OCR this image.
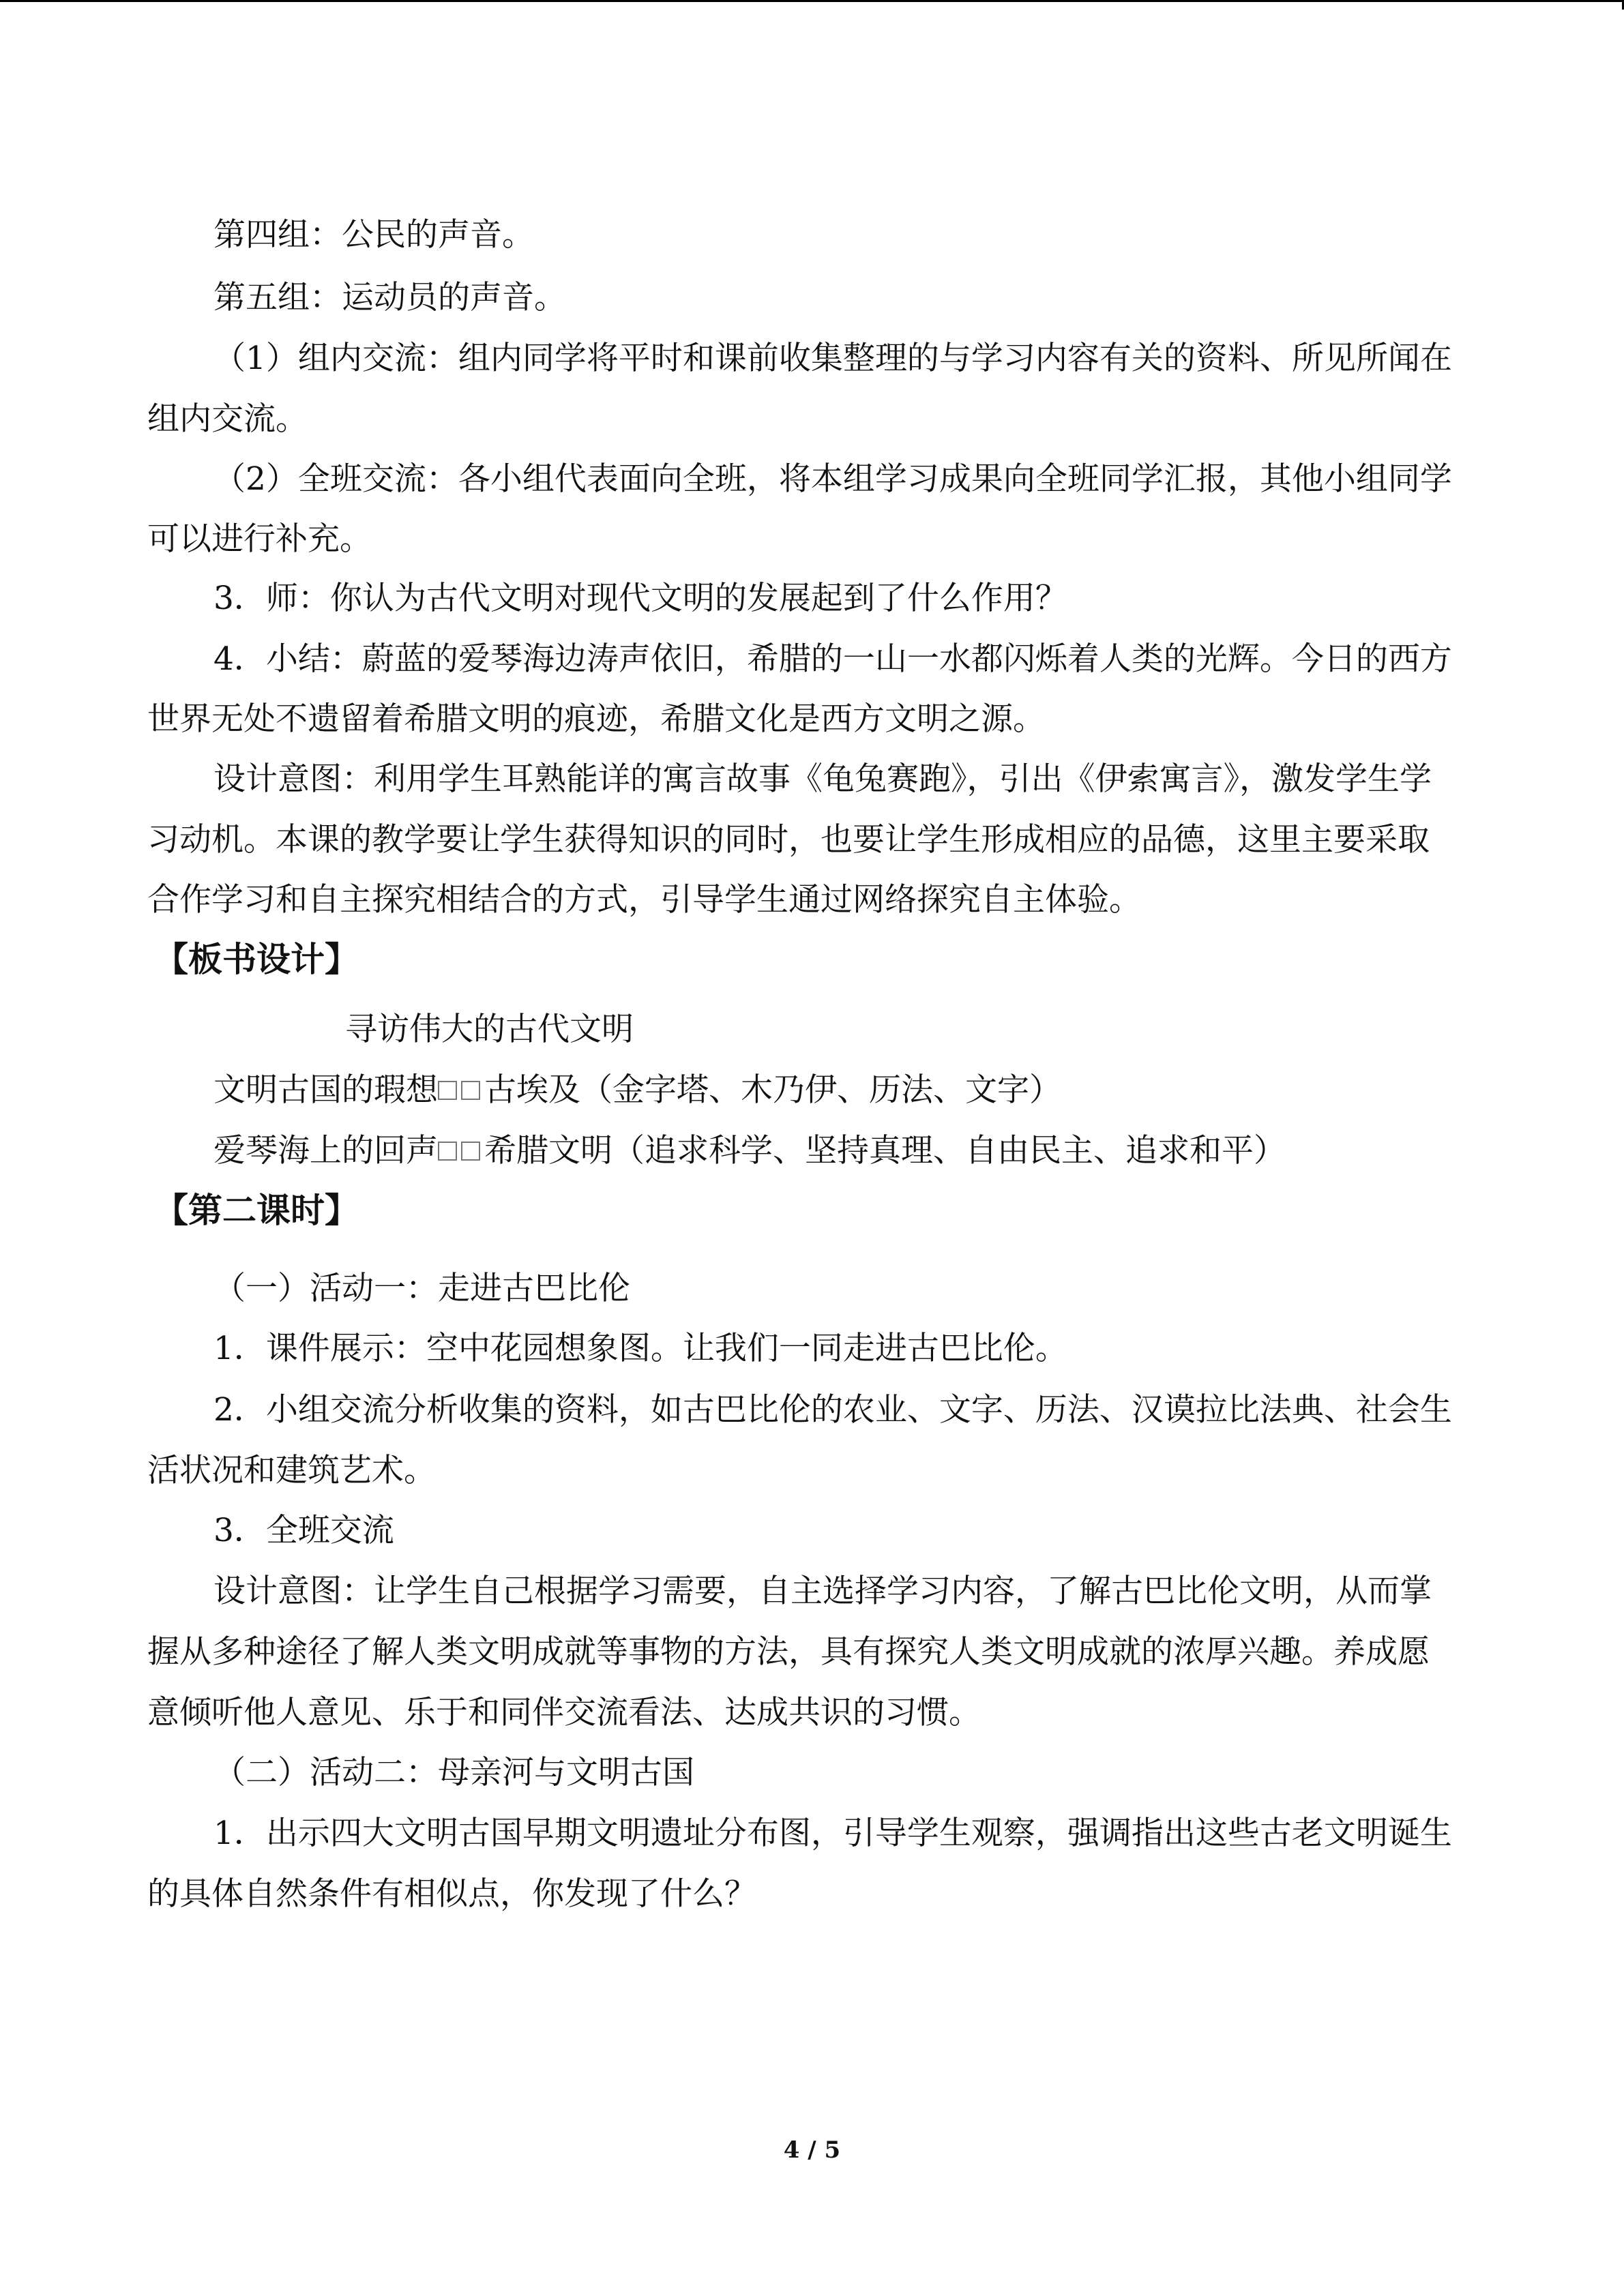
第四组：公民的声音。
第五组：运动员的声音。
（1）组内交流：组内同学将平时和课前收集整理的与学习内容有关的资料、所见所闻在
组内交流。
（2）全班交流：各小组代表面向全班，将本组学习成果向全班同学汇报，其他小组同学
可以进行补充。
3．师：你认为古代文明对现代文明的发展起到了什么作用？
4．小结：蔚蓝的爱琴海边涛声依旧，希腊的一山一水都闪烁着人类的光辉。今日的西方
世界无处不遗留着希腊文明的痕迹，希腊文化是西方文明之源。
设计意图：利用学生耳熟能详的寓言故事《龟兔赛跑》，引出《伊索寓言》，激发学生学
习动机。本课的教学要让学生获得知识的同时，也要让学生形成相应的品德，这里主要采取
合作学习和自主探究相结合的方式，引导学生通过网络探究自主体验。
【板书设计】
寻访伟大的古代文明
文明古国的瑕想 古埃及（金字塔、木乃伊、历法、文字）
爱琴海上的回声 希腊文明（追求科学、坚持真理、自由民主、追求和平）
【第二课时】
（一）活动一：走进古巴比伦
1．课件展示：空中花园想象图。让我们一同走进古巴比伦。
2．小组交流分析收集的资料，如古巴比伦的农业、文字、历法、汉谟拉比法典、社会生
活状况和建筑艺术。
3．全班交流
设计意图：让学生自己根据学习需要，自主选择学习内容，了解古巴比伦文明，从而掌
握从多种途径了解人类文明成就等事物的方法，具有探究人类文明成就的浓厚兴趣。养成愿
意倾听他人意见、乐于和同伴交流看法、达成共识的习惯。
（二）活动二：母亲河与文明古国
1．出示四大文明古国早期文明遗址分布图，引导学生观察，强调指出这些古老文明诞生
的具体自然条件有相似点，你发现了什么？
4 / 5
